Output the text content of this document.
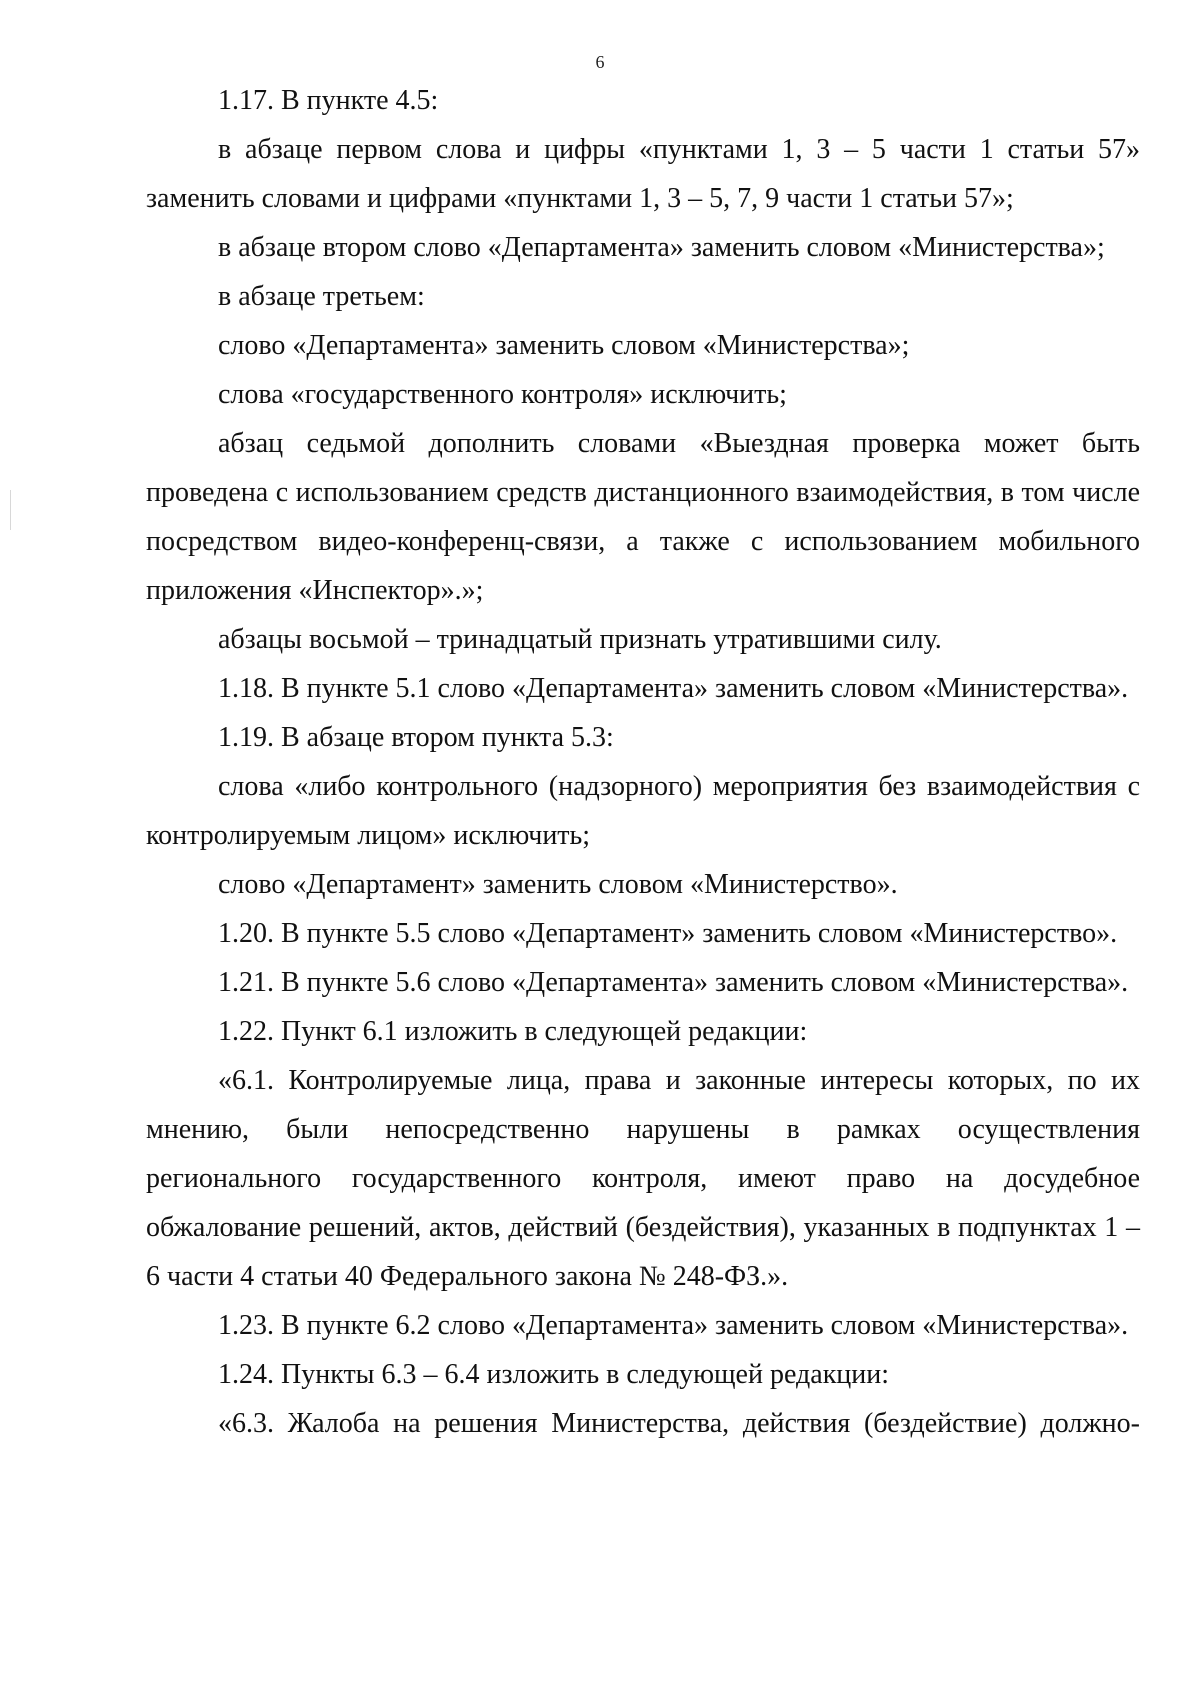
6

1.17. В пункте 4.5:

в абзаце первом слова и цифры «пунктами 1, 3 – 5 части 1 статьи 57» заменить словами и цифрами «пунктами 1, 3 – 5, 7, 9 части 1 статьи 57»;

в абзаце втором слово «Департамента» заменить словом «Министерства»;

в абзаце третьем:

слово «Департамента» заменить словом «Министерства»;

слова «государственного контроля» исключить;

абзац седьмой дополнить словами «Выездная проверка может быть проведена с использованием средств дистанционного взаимодействия, в том числе посредством видео-конференц-связи, а также с использованием мобильного приложения «Инспектор».»;

абзацы восьмой – тринадцатый признать утратившими силу.

1.18. В пункте 5.1 слово «Департамента» заменить словом «Министерства».

1.19. В абзаце втором пункта 5.3:

слова «либо контрольного (надзорного) мероприятия без взаимодействия с контролируемым лицом» исключить;

слово «Департамент» заменить словом «Министерство».

1.20. В пункте 5.5 слово «Департамент» заменить словом «Министерство».

1.21. В пункте 5.6 слово «Департамента» заменить словом «Министерства».

1.22. Пункт 6.1 изложить в следующей редакции:

«6.1. Контролируемые лица, права и законные интересы которых, по их мнению, были непосредственно нарушены в рамках осуществления регионального государственного контроля, имеют право на досудебное обжалование решений, актов, действий (бездействия), указанных в подпунктах 1 – 6 части 4 статьи 40 Федерального закона № 248-ФЗ.».

1.23. В пункте 6.2 слово «Департамента» заменить словом «Министерства».

1.24. Пункты 6.3 – 6.4 изложить в следующей редакции:

«6.3. Жалоба на решения Министерства, действия (бездействие) должно-
